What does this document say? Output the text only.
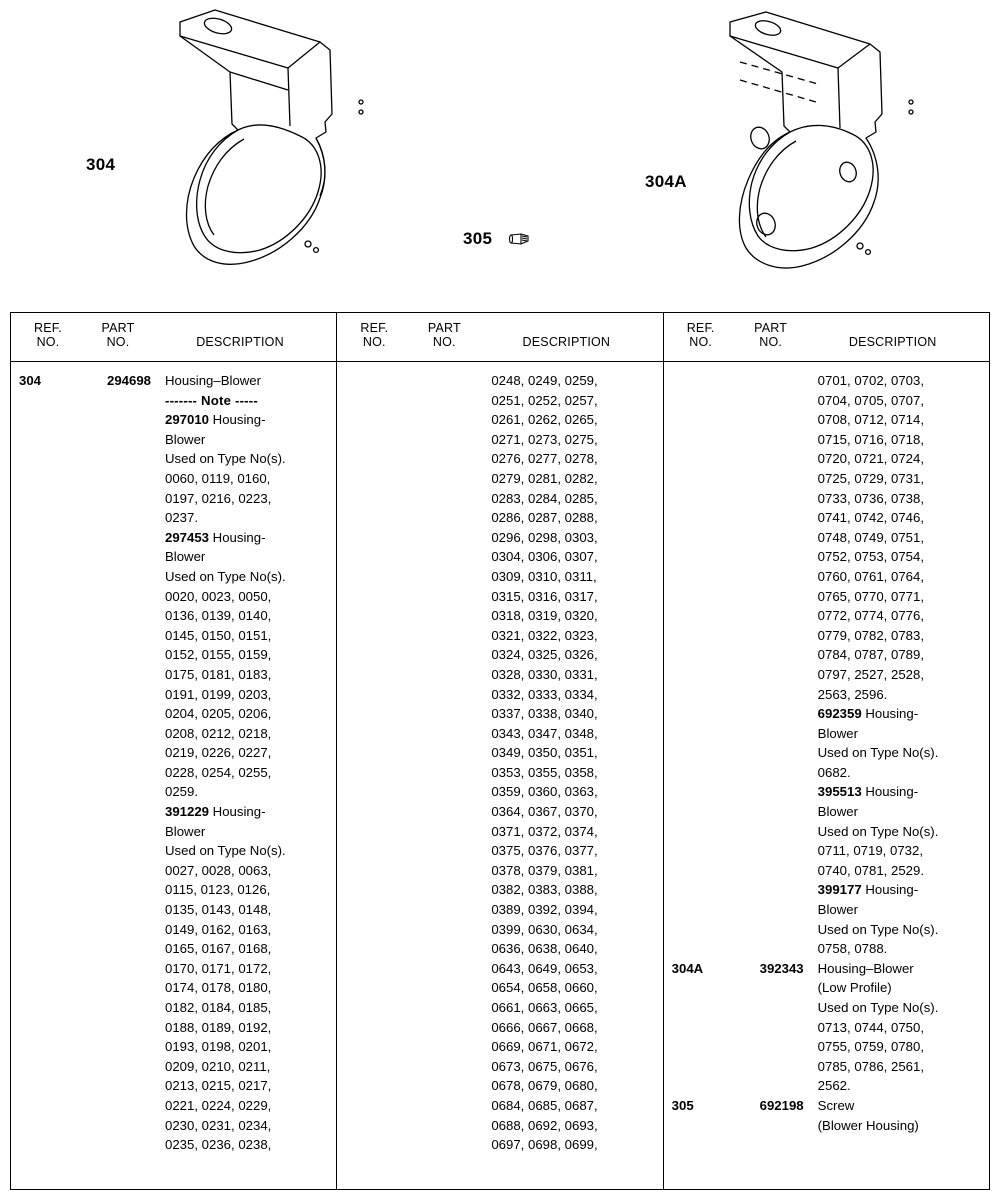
304
304A
305
REF.
NO.
PART
NO.	DESCRIPTION
304	294698 Housing–Blower
------- Note -----
297010 Housing-
Blower
Used on Type No(s).
0060, 0119, 0160,
0197, 0216, 0223,
0237.
297453 Housing-
Blower
Used on Type No(s).
0020, 0023, 0050,
0136, 0139, 0140,
0145, 0150, 0151,
0152, 0155, 0159,
0175, 0181, 0183,
0191, 0199, 0203,
0204, 0205, 0206,
0208, 0212, 0218,
0219, 0226, 0227,
0228, 0254, 0255,
0259.
391229 Housing-
Blower
Used on Type No(s).
0027, 0028, 0063,
0115, 0123, 0126,
0135, 0143, 0148,
0149, 0162, 0163,
0165, 0167, 0168,
0170, 0171, 0172,
0174, 0178, 0180,
0182, 0184, 0185,
0188, 0189, 0192,
0193, 0198, 0201,
0209, 0210, 0211,
0213, 0215, 0217,
0221, 0224, 0229,
0230, 0231, 0234,
0235, 0236, 0238,
REF.
NO.
PART
NO.	DESCRIPTION
0248, 0249, 0259,
0251, 0252, 0257,
0261, 0262, 0265,
0271, 0273, 0275,
0276, 0277, 0278,
0279, 0281, 0282,
0283, 0284, 0285,
0286, 0287, 0288,
0296, 0298, 0303,
0304, 0306, 0307,
0309, 0310, 0311,
0315, 0316, 0317,
0318, 0319, 0320,
0321, 0322, 0323,
0324, 0325, 0326,
0328, 0330, 0331,
0332, 0333, 0334,
0337, 0338, 0340,
0343, 0347, 0348,
0349, 0350, 0351,
0353, 0355, 0358,
0359, 0360, 0363,
0364, 0367, 0370,
0371, 0372, 0374,
0375, 0376, 0377,
0378, 0379, 0381,
0382, 0383, 0388,
0389, 0392, 0394,
0399, 0630, 0634,
0636, 0638, 0640,
0643, 0649, 0653,
0654, 0658, 0660,
0661, 0663, 0665,
0666, 0667, 0668,
0669, 0671, 0672,
0673, 0675, 0676,
0678, 0679, 0680,
0684, 0685, 0687,
0688, 0692, 0693,
0697, 0698, 0699,
REF.
NO.
PART
NO.	DESCRIPTION
0701, 0702, 0703,
0704, 0705, 0707,
0708, 0712, 0714,
0715, 0716, 0718,
0720, 0721, 0724,
0725, 0729, 0731,
0733, 0736, 0738,
0741, 0742, 0746,
0748, 0749, 0751,
0752, 0753, 0754,
0760, 0761, 0764,
0765, 0770, 0771,
0772, 0774, 0776,
0779, 0782, 0783,
0784, 0787, 0789,
0797, 2527, 2528,
2563, 2596.
692359 Housing-
Blower
Used on Type No(s).
0682.
395513 Housing-
Blower
Used on Type No(s).
0711, 0719, 0732,
0740, 0781, 2529.
399177 Housing-
Blower
Used on Type No(s).
0758, 0788.
304A	392343 Housing–Blower
(Low Profile)
Used on Type No(s).
0713, 0744, 0750,
0755, 0759, 0780,
0785, 0786, 2561,
2562.
305	692198 Screw
(Blower Housing)
